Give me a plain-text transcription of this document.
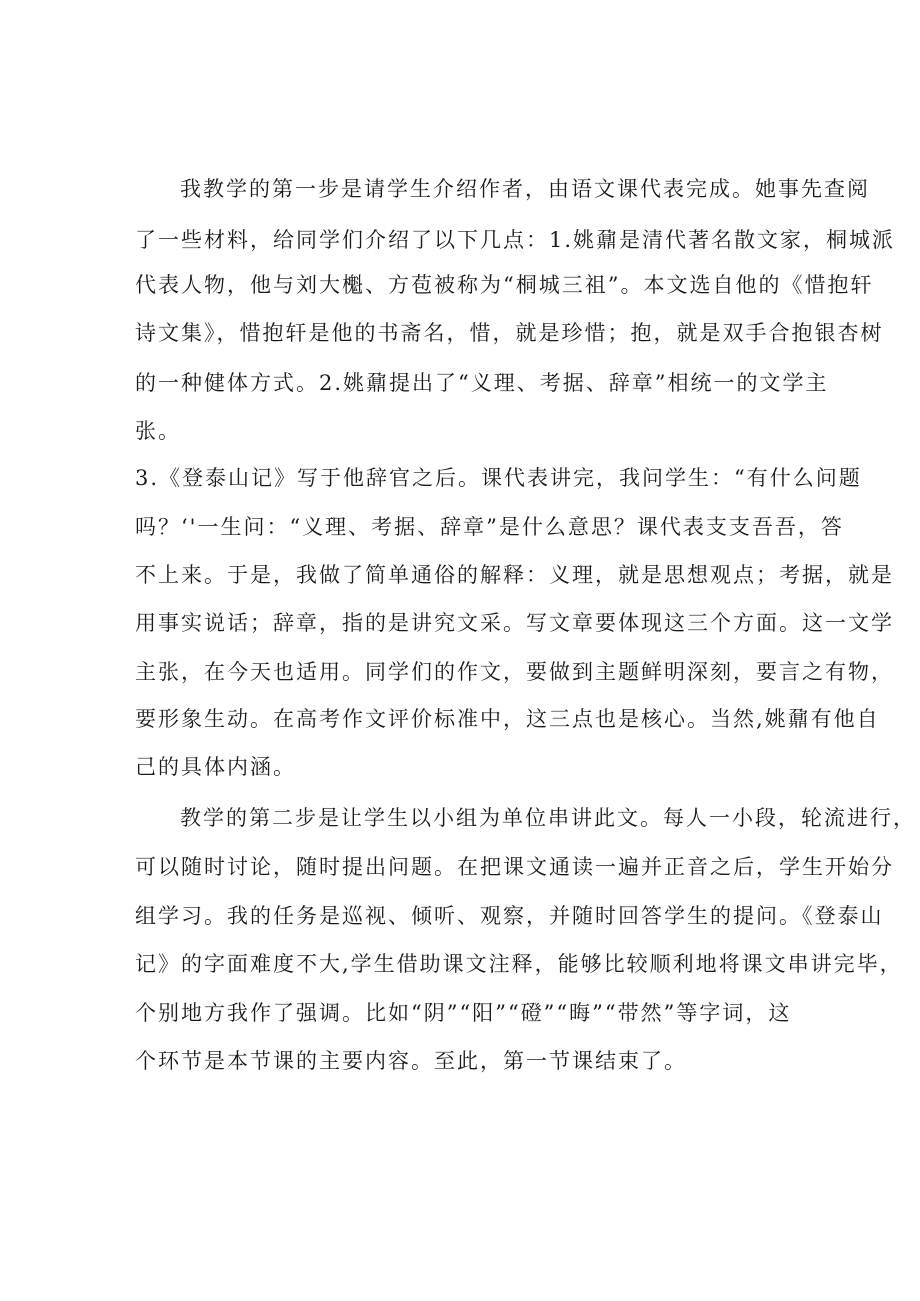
我教学的第一步是请学生介绍作者，由语文课代表完成。她事先查阅
了一些材料，给同学们介绍了以下几点：1.姚鼐是清代著名散文家，桐城派
代表人物，他与刘大櫆、方苞被称为“桐城三祖”。本文选自他的《惜抱轩
诗文集》，惜抱轩是他的书斋名，惜，就是珍惜；抱，就是双手合抱银杏树
的一种健体方式。2.姚鼐提出了“义理、考据、辞章”相统一的文学主
张。
3.《登泰山记》写于他辞官之后。课代表讲完，我问学生：“有什么问题
吗？‘'一生问：“义理、考据、辞章”是什么意思？课代表支支吾吾，答
不上来。于是，我做了简单通俗的解释：义理，就是思想观点；考据，就是
用事实说话；辞章，指的是讲究文采。写文章要体现这三个方面。这一文学
主张，在今天也适用。同学们的作文，要做到主题鲜明深刻，要言之有物，
要形象生动。在高考作文评价标准中，这三点也是核心。当然,姚鼐有他自
己的具体内涵。
教学的第二步是让学生以小组为单位串讲此文。每人一小段，轮流进行，
可以随时讨论，随时提出问题。在把课文通读一遍并正音之后，学生开始分
组学习。我的任务是巡视、倾听、观察，并随时回答学生的提问。《登泰山
记》的字面难度不大,学生借助课文注释，能够比较顺利地将课文串讲完毕，
个别地方我作了强调。比如“阴”“阳”“磴”“晦”“带然”等字词，这
个环节是本节课的主要内容。至此，第一节课结束了。
